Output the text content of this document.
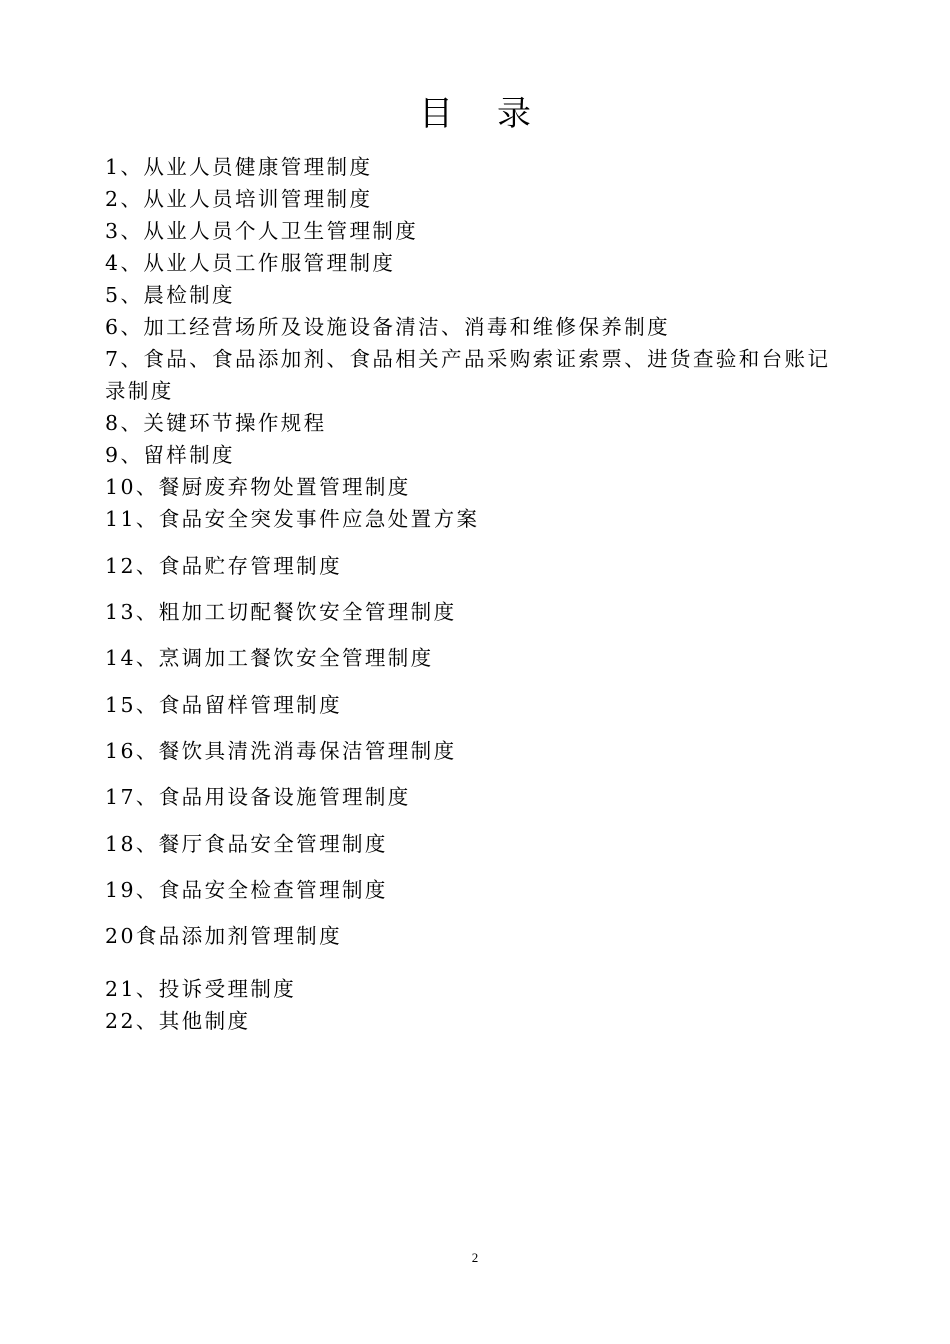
目录
1、从业人员健康管理制度
2、从业人员培训管理制度
3、从业人员个人卫生管理制度
4、从业人员工作服管理制度
5、晨检制度
6、加工经营场所及设施设备清洁、消毒和维修保养制度
7、食品、食品添加剂、食品相关产品采购索证索票、进货查验和台账记录制度
8、关键环节操作规程
9、留样制度
10、餐厨废弃物处置管理制度
11、食品安全突发事件应急处置方案
12、食品贮存管理制度
13、粗加工切配餐饮安全管理制度
14、烹调加工餐饮安全管理制度
15、食品留样管理制度
16、餐饮具清洗消毒保洁管理制度
17、食品用设备设施管理制度
18、餐厅食品安全管理制度
19、食品安全检查管理制度
20食品添加剂管理制度
21、投诉受理制度
22、其他制度
2
